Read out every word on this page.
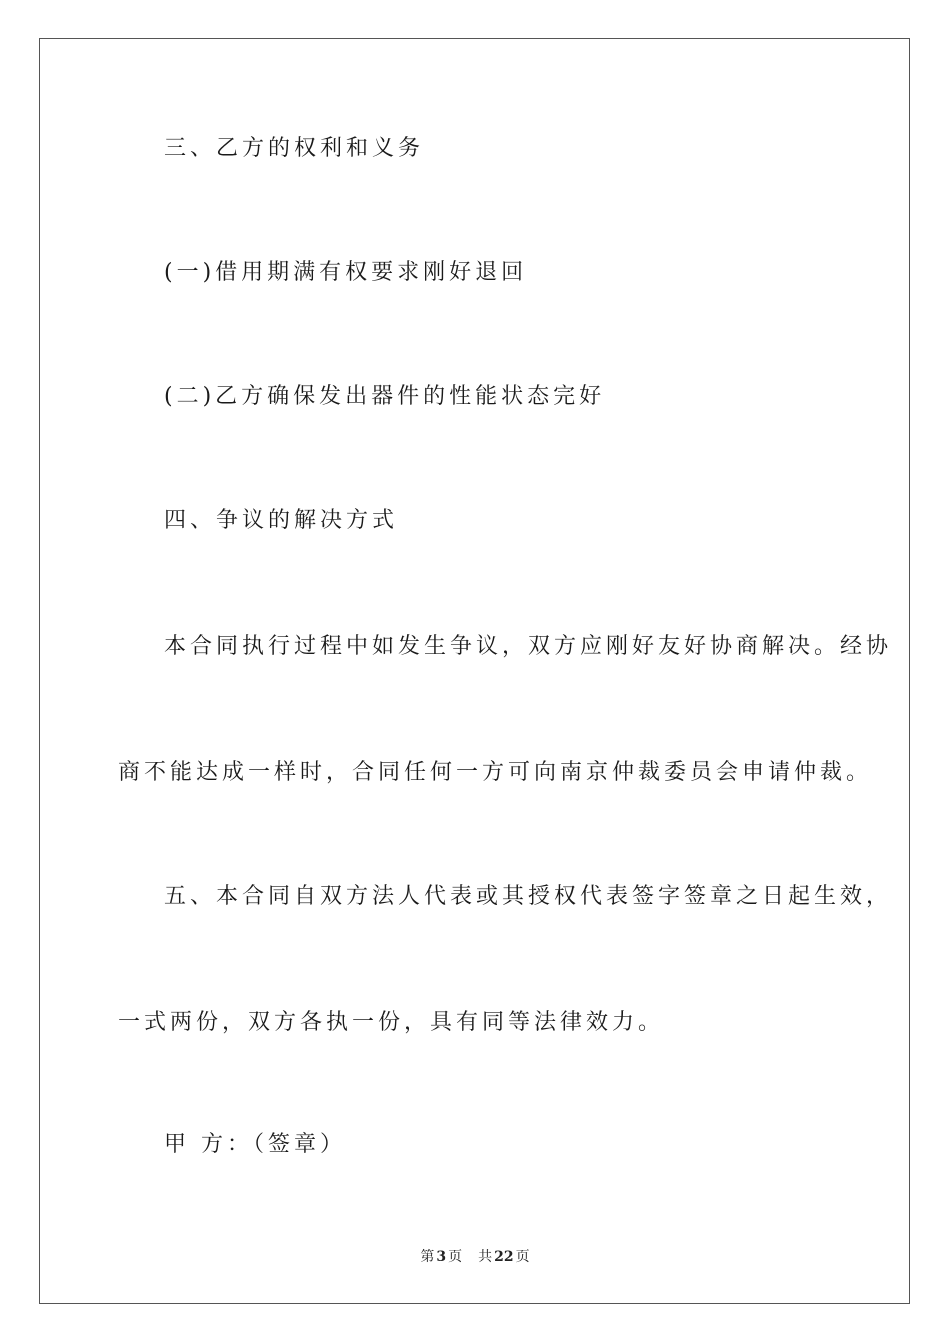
三、乙方的权利和义务

(一)借用期满有权要求刚好退回

(二)乙方确保发出器件的性能状态完好

四、争议的解决方式

本合同执行过程中如发生争议，双方应刚好友好协商解决。经协

商不能达成一样时，合同任何一方可向南京仲裁委员会申请仲裁。

五、本合同自双方法人代表或其授权代表签字签章之日起生效，

一式两份，双方各执一份，具有同等法律效力。

甲 方：（签章）

第 3 页 共 22 页
